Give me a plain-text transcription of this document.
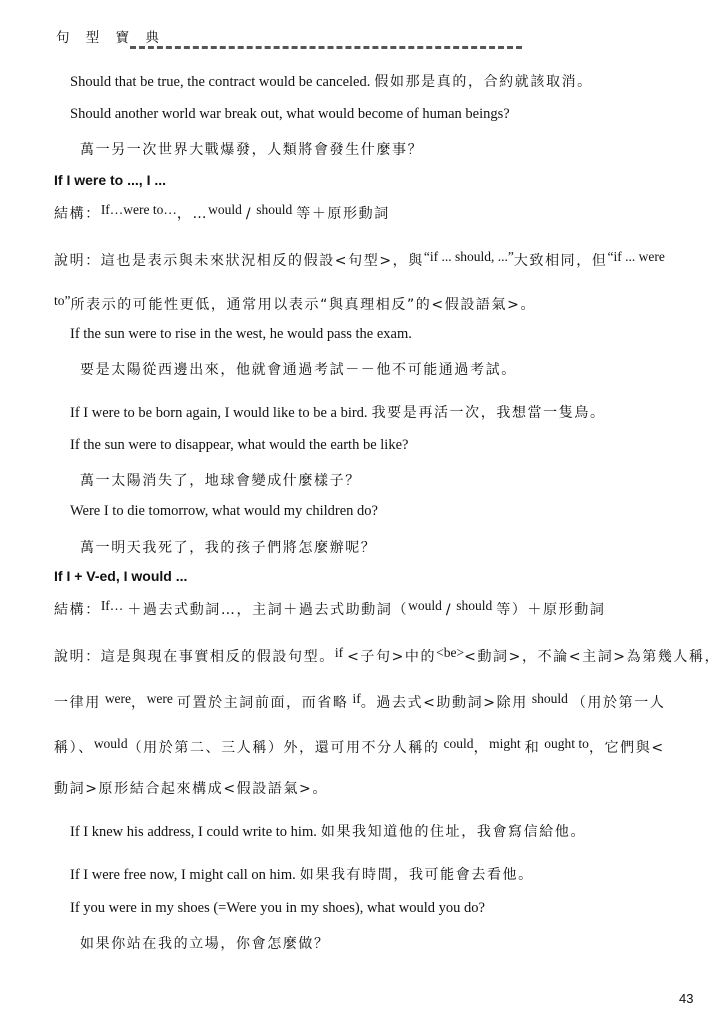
句 型 寶 典
Should that be true, the contract would be canceled. 假如那是真的，合約就該取消。
Should another world war break out, what would become of human beings?
萬一另一次世界大戰爆發，人類將會發生什麼事？
If I were to ..., I ...
結構：$^{If\dots were to\dots}$，…$^{would}$ / $^{should}$ 等＋原形動詞
說明：這也是表示與未來狀況相反的假設<句型>，與$^{“if ... should, ...”}$大致相同，但$^{“if ... were}$
$^{to”}$所表示的可能性更低，通常用以表示“與真理相反”的<假設語氣>。
If the sun were to rise in the west, he would pass the exam.
要是太陽從西邊出來，他就會通過考試－－他不可能通過考試。
If I were to be born again, I would like to be a bird. 我要是再活一次，我想當一隻鳥。
If the sun were to disappear, what would the earth be like?
萬一太陽消失了，地球會變成什麼樣子？
Were I to die tomorrow, what would my children do?
萬一明天我死了，我的孩子們將怎麼辦呢？
If I + V-ed, I would ...
結構：$^{If\dots}$ ＋過去式動詞…，主詞＋過去式助動詞（$^{would}$ / $^{should}$ 等）＋原形動詞
說明：這是與現在事實相反的假設句型。$^{if}$ <子句>中的$^{<be>}$<動詞>，不論<主詞>為第幾人稱，
一律用 $^{were}$，$^{were}$ 可置於主詞前面，而省略 $^{if}$。過去式<助動詞>除用 $^{should}$ （用於第一人
稱）、$^{would}$（用於第二、三人稱）外，還可用不分人稱的 $^{could}$，$^{might}$ 和 $^{ought to}$，它們與<
動詞>原形結合起來構成<假設語氣>。
If I knew his address, I could write to him. 如果我知道他的住址，我會寫信給他。
If I were free now, I might call on him. 如果我有時間，我可能會去看他。
If you were in my shoes (=Were you in my shoes), what would you do?
如果你站在我的立場，你會怎麼做？
43
